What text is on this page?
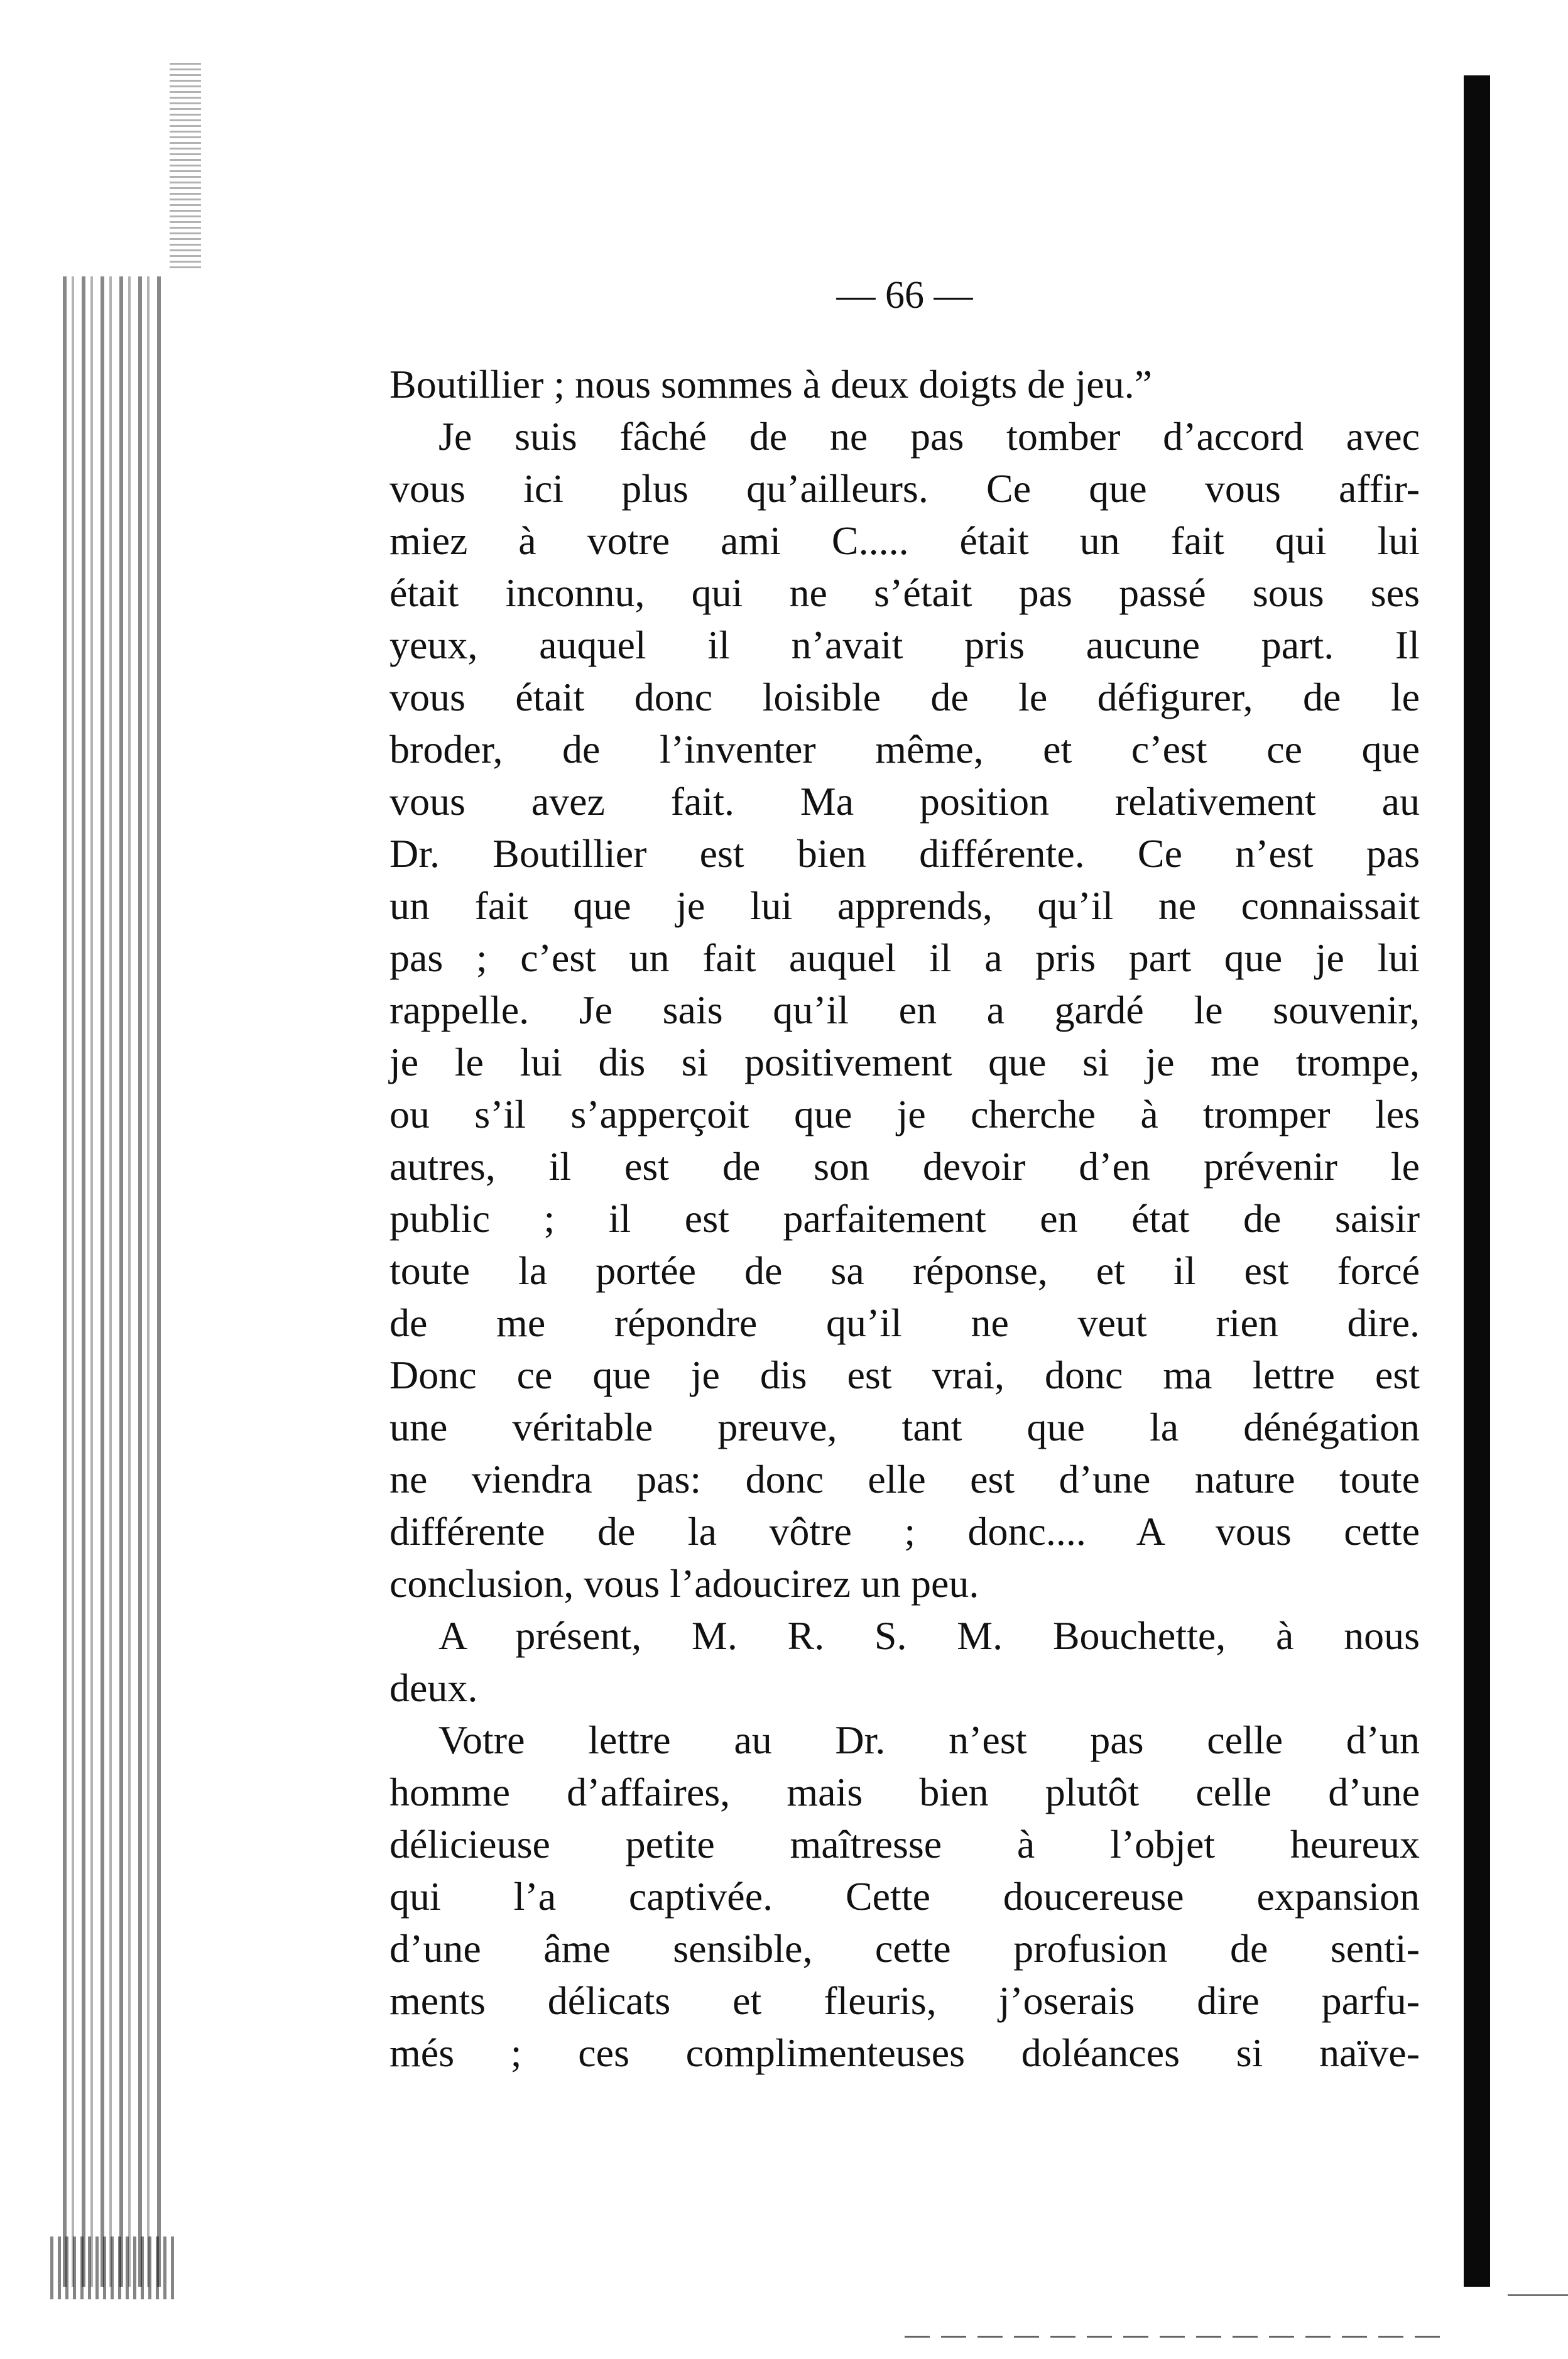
— 66 —
Boutillier ; nous sommes à deux doigts de jeu.”
Je suis fâché de ne pas tomber d’accord avec
vous ici plus qu’ailleurs. Ce que vous affir-
miez à votre ami C..... était un fait qui lui
était inconnu, qui ne s’était pas passé sous ses
yeux, auquel il n’avait pris aucune part. Il
vous était donc loisible de le défigurer, de le
broder, de l’inventer même, et c’est ce que
vous avez fait. Ma position relativement au
Dr. Boutillier est bien différente. Ce n’est pas
un fait que je lui apprends, qu’il ne connaissait
pas ; c’est un fait auquel il a pris part que je lui
rappelle. Je sais qu’il en a gardé le souvenir,
je le lui dis si positivement que si je me trompe,
ou s’il s’apperçoit que je cherche à tromper les
autres, il est de son devoir d’en prévenir le
public ; il est parfaitement en état de saisir
toute la portée de sa réponse, et il est forcé
de me répondre qu’il ne veut rien dire.
Donc ce que je dis est vrai, donc ma lettre est
une véritable preuve, tant que la dénégation
ne viendra pas: donc elle est d’une nature toute
différente de la vôtre ; donc.... A vous cette
conclusion, vous l’adoucirez un peu.
A présent, M. R. S. M. Bouchette, à nous
deux.
Votre lettre au Dr. n’est pas celle d’un
homme d’affaires, mais bien plutôt celle d’une
délicieuse petite maîtresse à l’objet heureux
qui l’a captivée. Cette doucereuse expansion
d’une âme sensible, cette profusion de senti-
ments délicats et fleuris, j’oserais dire parfu-
més ; ces complimenteuses doléances si naïve-
